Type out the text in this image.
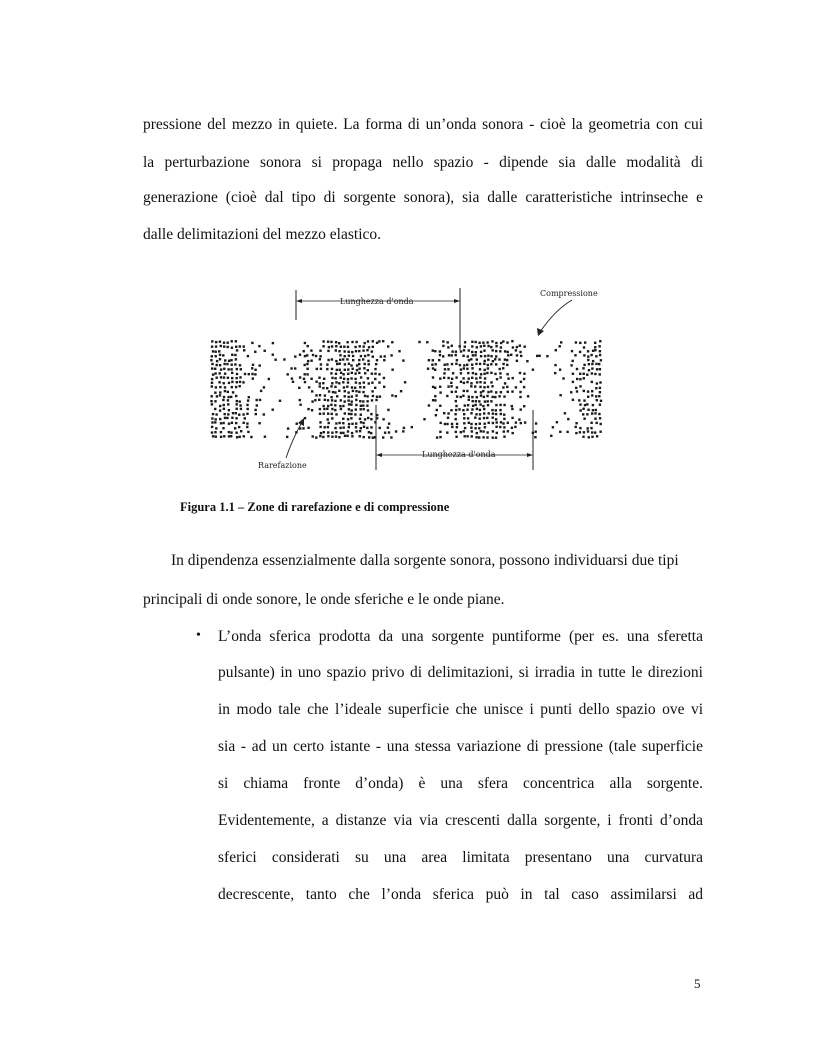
pressione del mezzo in quiete. La forma di un’onda sonora - cioè la geometria con cui
la perturbazione sonora si propaga nello spazio - dipende sia dalle modalità di
generazione (cioè dal tipo di sorgente sonora), sia dalle caratteristiche intrinseche e
dalle delimitazioni del mezzo elastico.
Lunghezza d'onda
Compressione
Rarefazione
Lunghezza d'onda
Figura 1.1 – Zone di rarefazione e di compressione
In dipendenza essenzialmente dalla sorgente sonora, possono individuarsi due tipi
principali di onde sonore, le onde sferiche e le onde piane.
• L’onda sferica prodotta da una sorgente puntiforme (per es. una sferetta
pulsante) in uno spazio privo di delimitazioni, si irradia in tutte le direzioni
in modo tale che l’ideale superficie che unisce i punti dello spazio ove vi
sia - ad un certo istante - una stessa variazione di pressione (tale superficie
si chiama fronte d’onda) è una sfera concentrica alla sorgente.
Evidentemente, a distanze via via crescenti dalla sorgente, i fronti d’onda
sferici considerati su una area limitata presentano una curvatura
decrescente, tanto che l’onda sferica può in tal caso assimilarsi ad
5
